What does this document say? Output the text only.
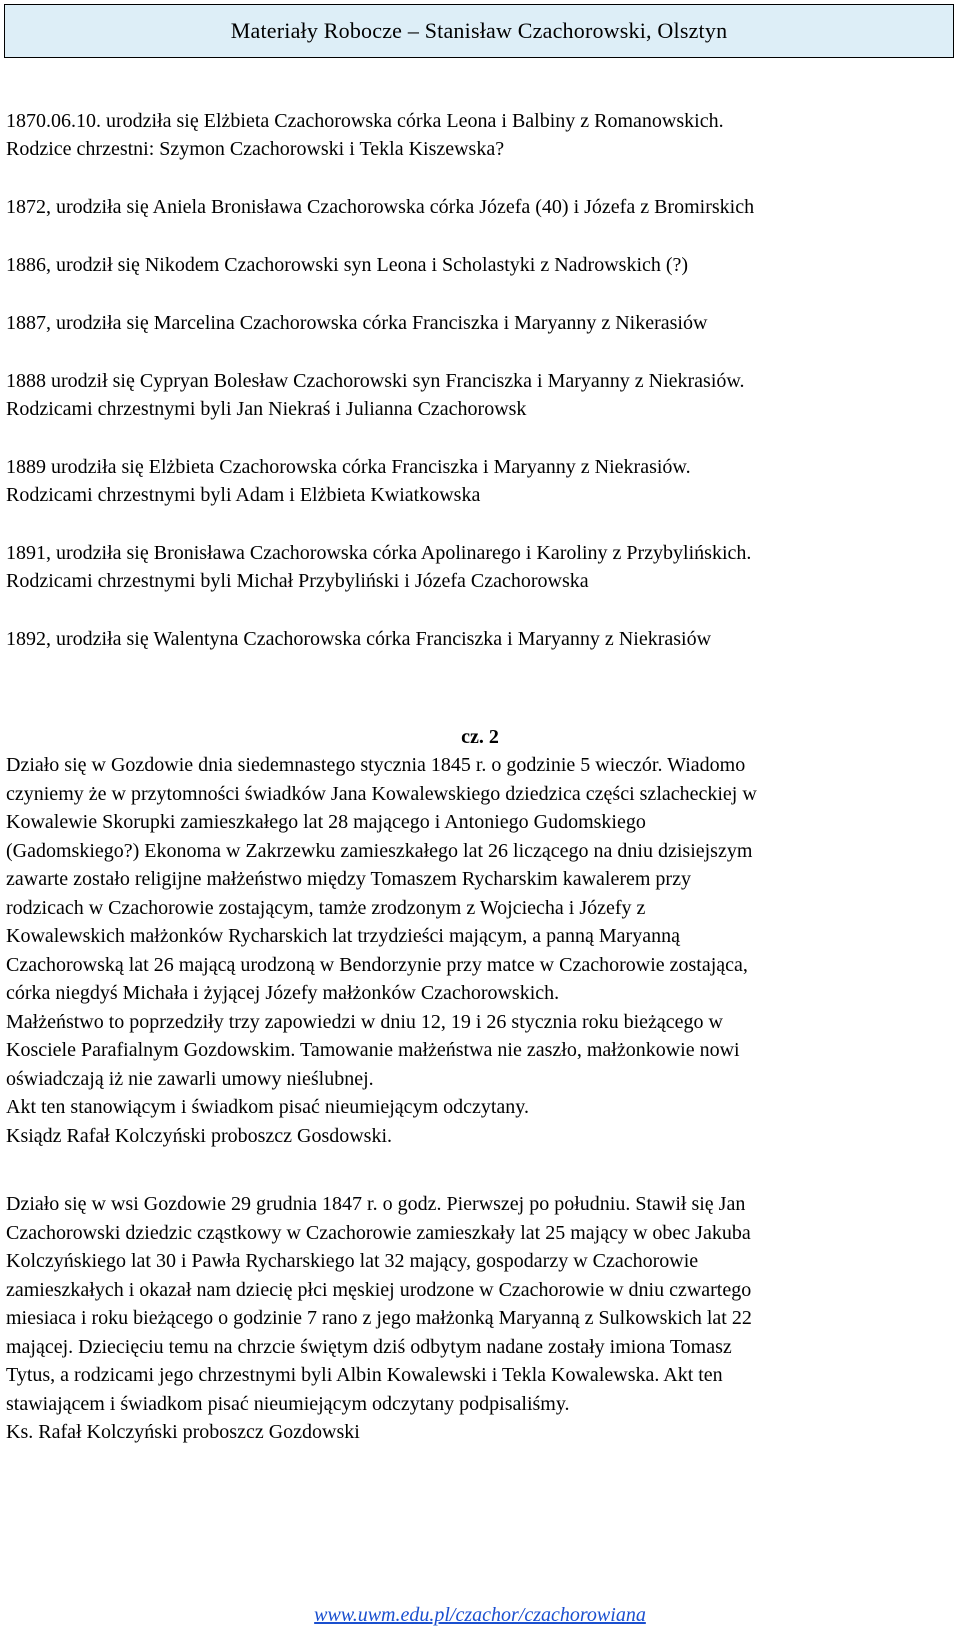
Materiały Robocze – Stanisław Czachorowski, Olsztyn

1870.06.10. urodziła się Elżbieta Czachorowska córka Leona i Balbiny z Romanowskich.

Rodzice chrzestni: Szymon Czachorowski i Tekla Kiszewska?

1872, urodziła się Aniela Bronisława Czachorowska córka Józefa (40) i Józefa z Bromirskich

1886, urodził się Nikodem Czachorowski syn Leona i Scholastyki z Nadrowskich (?)

1887, urodziła się Marcelina Czachorowska córka Franciszka i Maryanny z Nikerasiów

1888 urodził się Cypryan Bolesław Czachorowski syn Franciszka i Maryanny z Niekrasiów.

Rodzicami chrzestnymi byli Jan Niekraś i Julianna Czachorowsk

1889 urodziła się Elżbieta Czachorowska córka Franciszka i Maryanny z Niekrasiów.

Rodzicami chrzestnymi byli Adam i Elżbieta Kwiatkowska

1891, urodziła się Bronisława Czachorowska córka Apolinarego i Karoliny z Przybylińskich.

Rodzicami chrzestnymi byli Michał Przybyliński i Józefa Czachorowska

1892, urodziła się Walentyna Czachorowska córka Franciszka i Maryanny z Niekrasiów

cz. 2

Działo się w Gozdowie dnia siedemnastego stycznia 1845 r. o godzinie 5 wieczór. Wiadomo

czyniemy że w przytomności świadków Jana Kowalewskiego dziedzica części szlacheckiej w

Kowalewie Skorupki zamieszkałego lat 28 mającego i Antoniego Gudomskiego

(Gadomskiego?) Ekonoma w Zakrzewku zamieszkałego lat 26 liczącego na dniu dzisiejszym

zawarte zostało religijne małżeństwo między Tomaszem Rycharskim kawalerem przy

rodzicach w Czachorowie zostającym, tamże zrodzonym z Wojciecha i Józefy z

Kowalewskich małżonków Rycharskich lat trzydzieści mającym, a panną Maryanną

Czachorowską lat 26 mającą urodzoną w Bendorzynie przy matce w Czachorowie zostająca,

córka niegdyś Michała i żyjącej Józefy małżonków Czachorowskich.

Małżeństwo to poprzedziły trzy zapowiedzi w dniu 12, 19 i 26 stycznia roku bieżącego w

Kosciele Parafialnym Gozdowskim. Tamowanie małżeństwa nie zaszło, małżonkowie nowi

oświadczają iż nie zawarli umowy nieślubnej.

Akt ten stanowiącym i świadkom pisać nieumiejącym odczytany.

Ksiądz Rafał Kolczyński proboszcz Gosdowski.

Działo się w wsi Gozdowie 29 grudnia 1847 r. o godz. Pierwszej po południu. Stawił się Jan

Czachorowski dziedzic cząstkowy w Czachorowie zamieszkały lat 25 mający w obec Jakuba

Kolczyńskiego lat 30 i Pawła Rycharskiego lat 32 mający, gospodarzy w Czachorowie

zamieszkałych i okazał nam dziecię płci męskiej urodzone w Czachorowie w dniu czwartego

miesiaca i roku bieżącego o godzinie 7 rano z jego małżonką Maryanną z Sulkowskich lat 22

mającej. Dziecięciu temu na chrzcie świętym dziś odbytym nadane zostały imiona Tomasz

Tytus, a rodzicami jego chrzestnymi byli Albin Kowalewski i Tekla Kowalewska. Akt ten

stawiającem i świadkom pisać nieumiejącym odczytany podpisaliśmy.

Ks. Rafał Kolczyński proboszcz Gozdowski

www.uwm.edu.pl/czachor/czachorowiana
